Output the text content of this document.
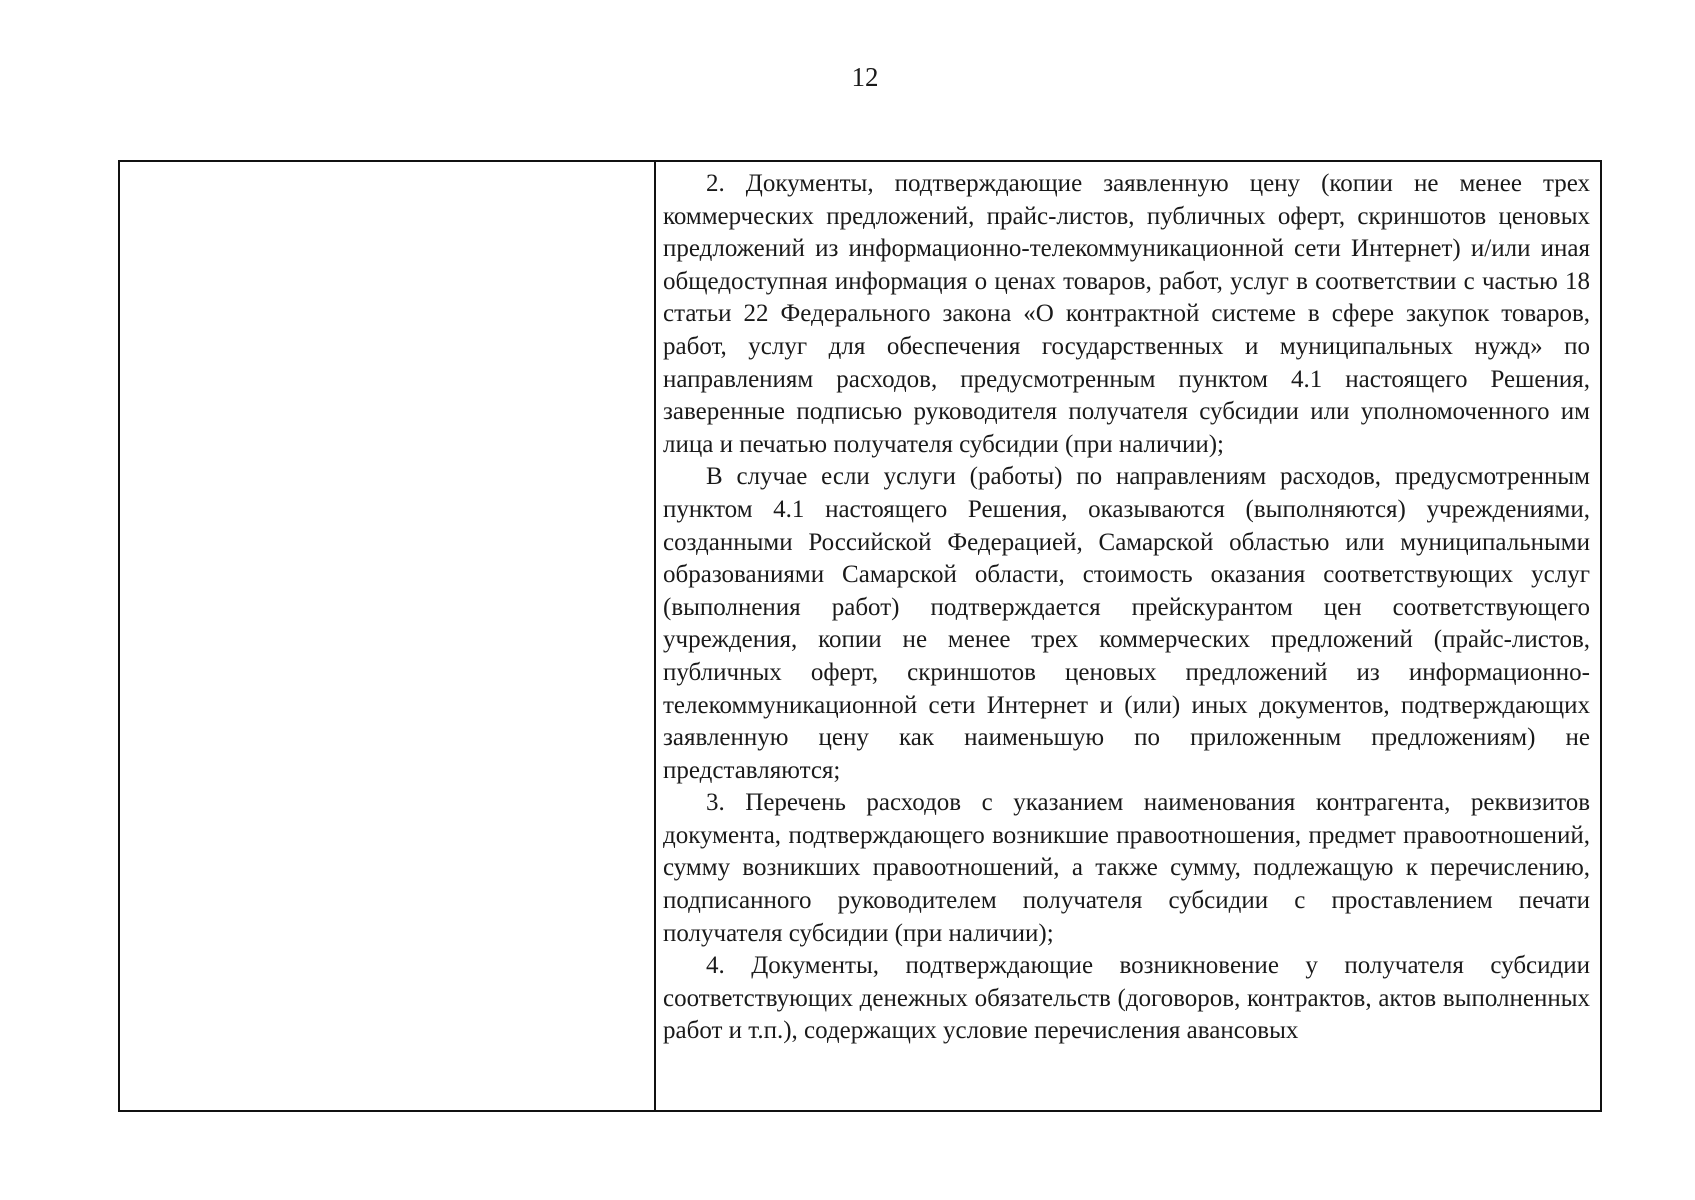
12

2. Документы, подтверждающие заявленную цену (копии не менее трех коммерческих предложений, прайс-листов, публичных оферт, скриншотов ценовых предложений из информационно-телекоммуникационной сети Интернет) и/или иная общедоступная информация о ценах товаров, работ, услуг в соответствии с частью 18 статьи 22 Федерального закона «О контрактной системе в сфере закупок товаров, работ, услуг для обеспечения государственных и муниципальных нужд» по направлениям расходов, предусмотренным пунктом 4.1 настоящего Решения, заверенные подписью руководителя получателя субсидии или уполномоченного им лица и печатью получателя субсидии (при наличии);

В случае если услуги (работы) по направлениям расходов, предусмотренным пунктом 4.1 настоящего Решения, оказываются (выполняются) учреждениями, созданными Российской Федерацией, Самарской областью или муниципальными образованиями Самарской области, стоимость оказания соответствующих услуг (выполнения работ) подтверждается прейскурантом цен соответствующего учреждения, копии не менее трех коммерческих предложений (прайс-листов, публичных оферт, скриншотов ценовых предложений из информационно-телекоммуникационной сети Интернет и (или) иных документов, подтверждающих заявленную цену как наименьшую по приложенным предложениям) не представляются;

3. Перечень расходов с указанием наименования контрагента, реквизитов документа, подтверждающего возникшие правоотношения, предмет правоотношений, сумму возникших правоотношений, а также сумму, подлежащую к перечислению, подписанного руководителем получателя субсидии с проставлением печати получателя субсидии (при наличии);

4. Документы, подтверждающие возникновение у получателя субсидии соответствующих денежных обязательств (договоров, контрактов, актов выполненных работ и т.п.), содержащих условие перечисления авансовых
